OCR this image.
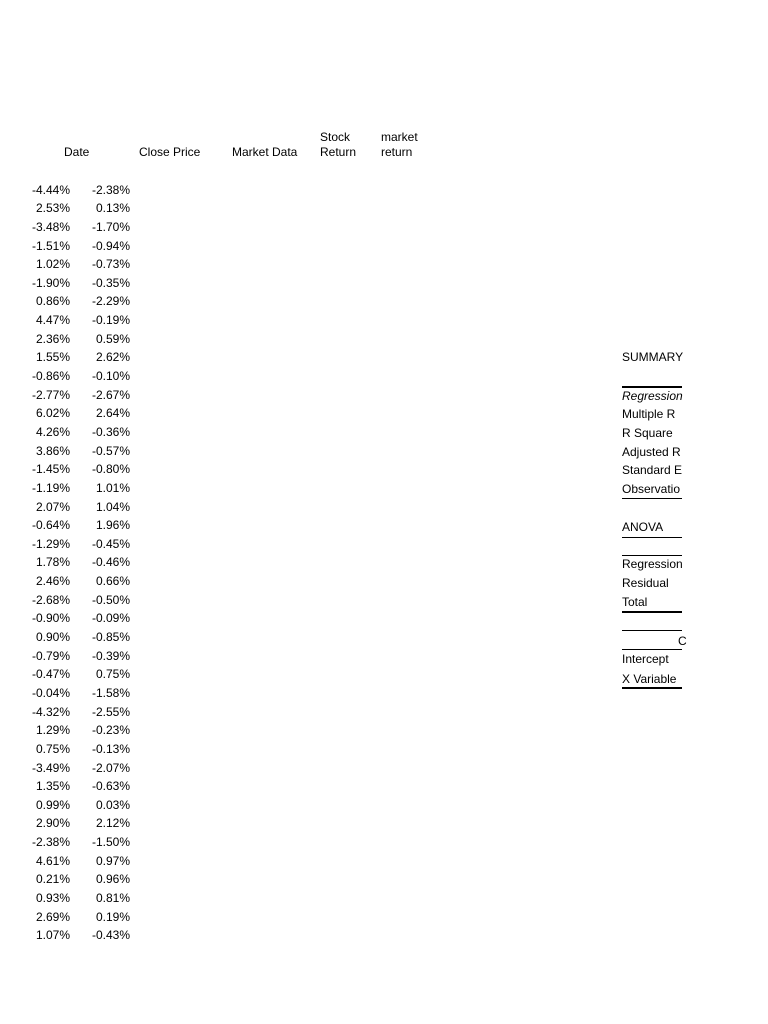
Date	Close Price	Market Data
Stock
Return
market
return
-4.44% -2.38%
2.53% 0.13%
-3.48% -1.70%
-1.51% -0.94%
1.02% -0.73%
-1.90% -0.35%
0.86% -2.29%
4.47% -0.19%
2.36% 0.59%
1.55% 2.62%
-0.86% -0.10%
-2.77% -2.67%
6.02% 2.64%
4.26% -0.36%
3.86% -0.57%
-1.45% -0.80%
-1.19% 1.01%
2.07% 1.04%
-0.64% 1.96%
-1.29% -0.45%
1.78% -0.46%
2.46% 0.66%
-2.68% -0.50%
-0.90% -0.09%
0.90% -0.85%
-0.79% -0.39%
-0.47% 0.75%
-0.04% -1.58%
-4.32% -2.55%
1.29% -0.23%
0.75% -0.13%
-3.49% -2.07%
1.35% -0.63%
0.99% 0.03%
2.90% 2.12%
-2.38% -1.50%
4.61% 0.97%
0.21% 0.96%
0.93% 0.81%
2.69% 0.19%
1.07% -0.43%
SUMMARY
Regression
Multiple R
R Square
Adjusted R
Standard E
Observatio
ANOVA
Regression
Residual
Total
C
Intercept
X Variable
